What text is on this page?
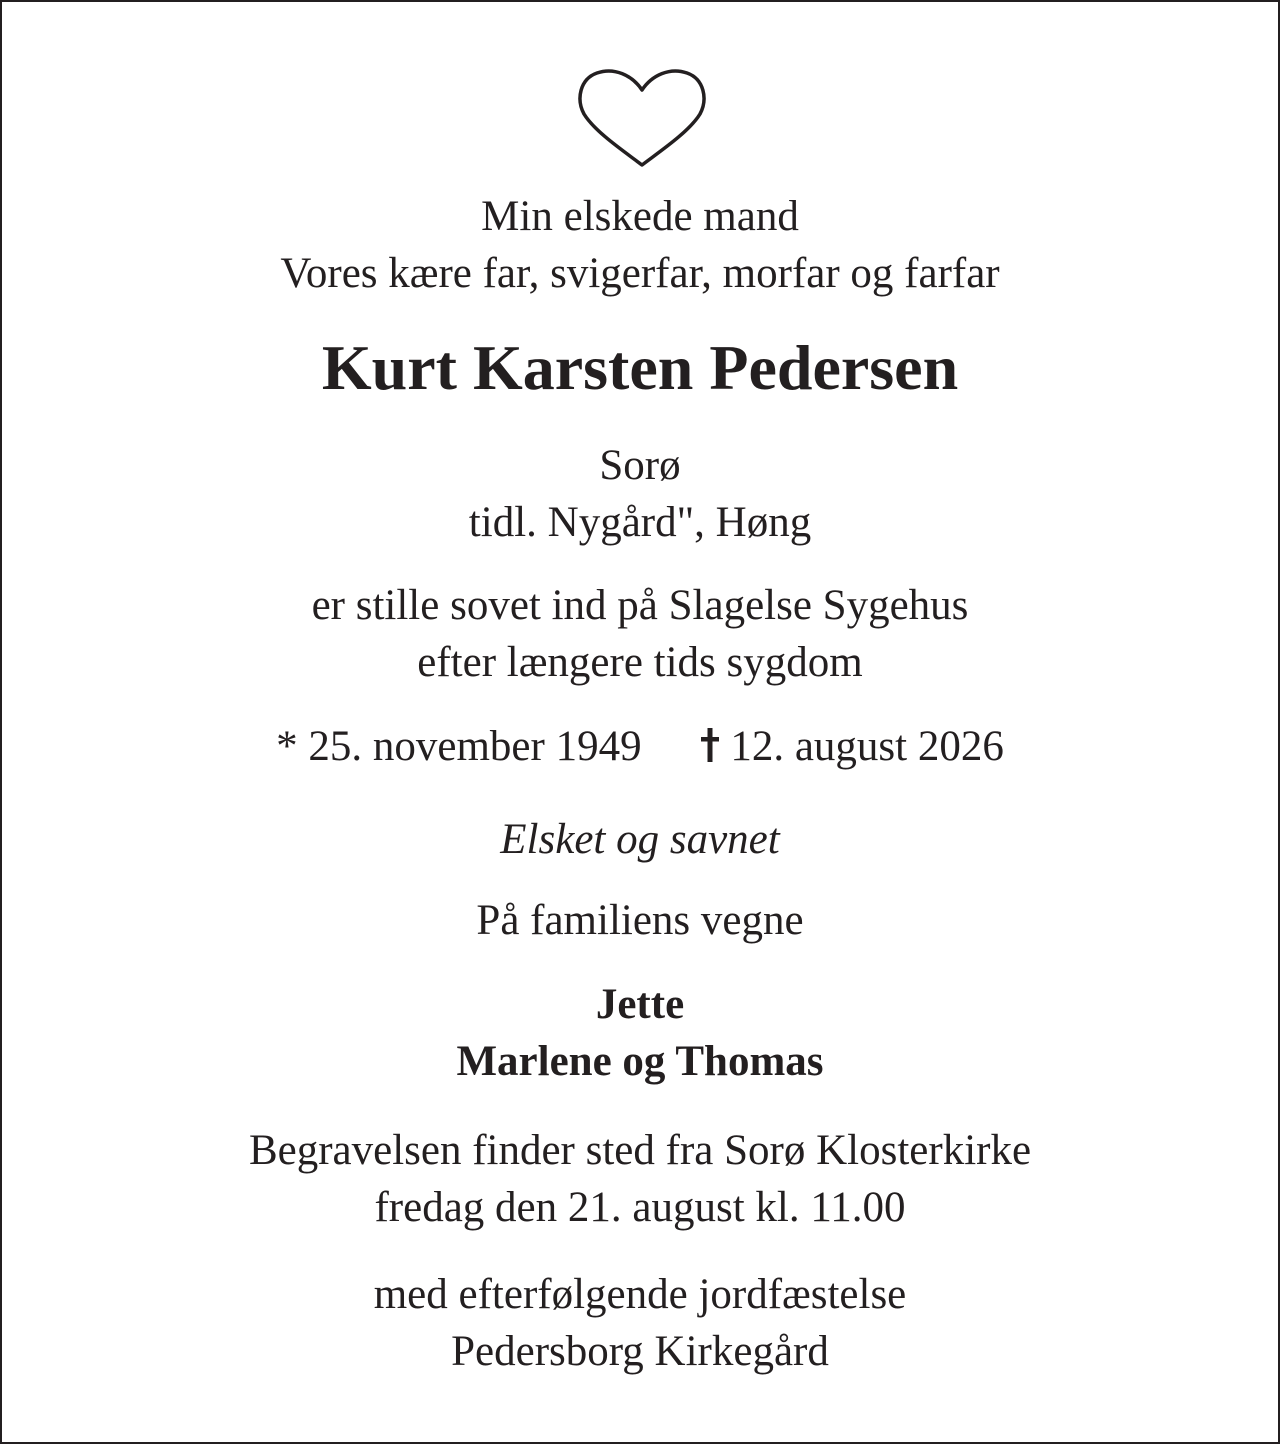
Min elskede mand
Vores kære far, svigerfar, morfar og farfar
Kurt Karsten Pedersen
Sorø
tidl. Nygård", Høng
er stille sovet ind på Slagelse Sygehus
efter længere tids sygdom
* 25. november 1949 12. august 2026
Elsket og savnet
På familiens vegne
Jette
Marlene og Thomas
Begravelsen finder sted fra Sorø Klosterkirke
fredag den 21. august kl. 11.00
med efterfølgende jordfæstelse
Pedersborg Kirkegård
